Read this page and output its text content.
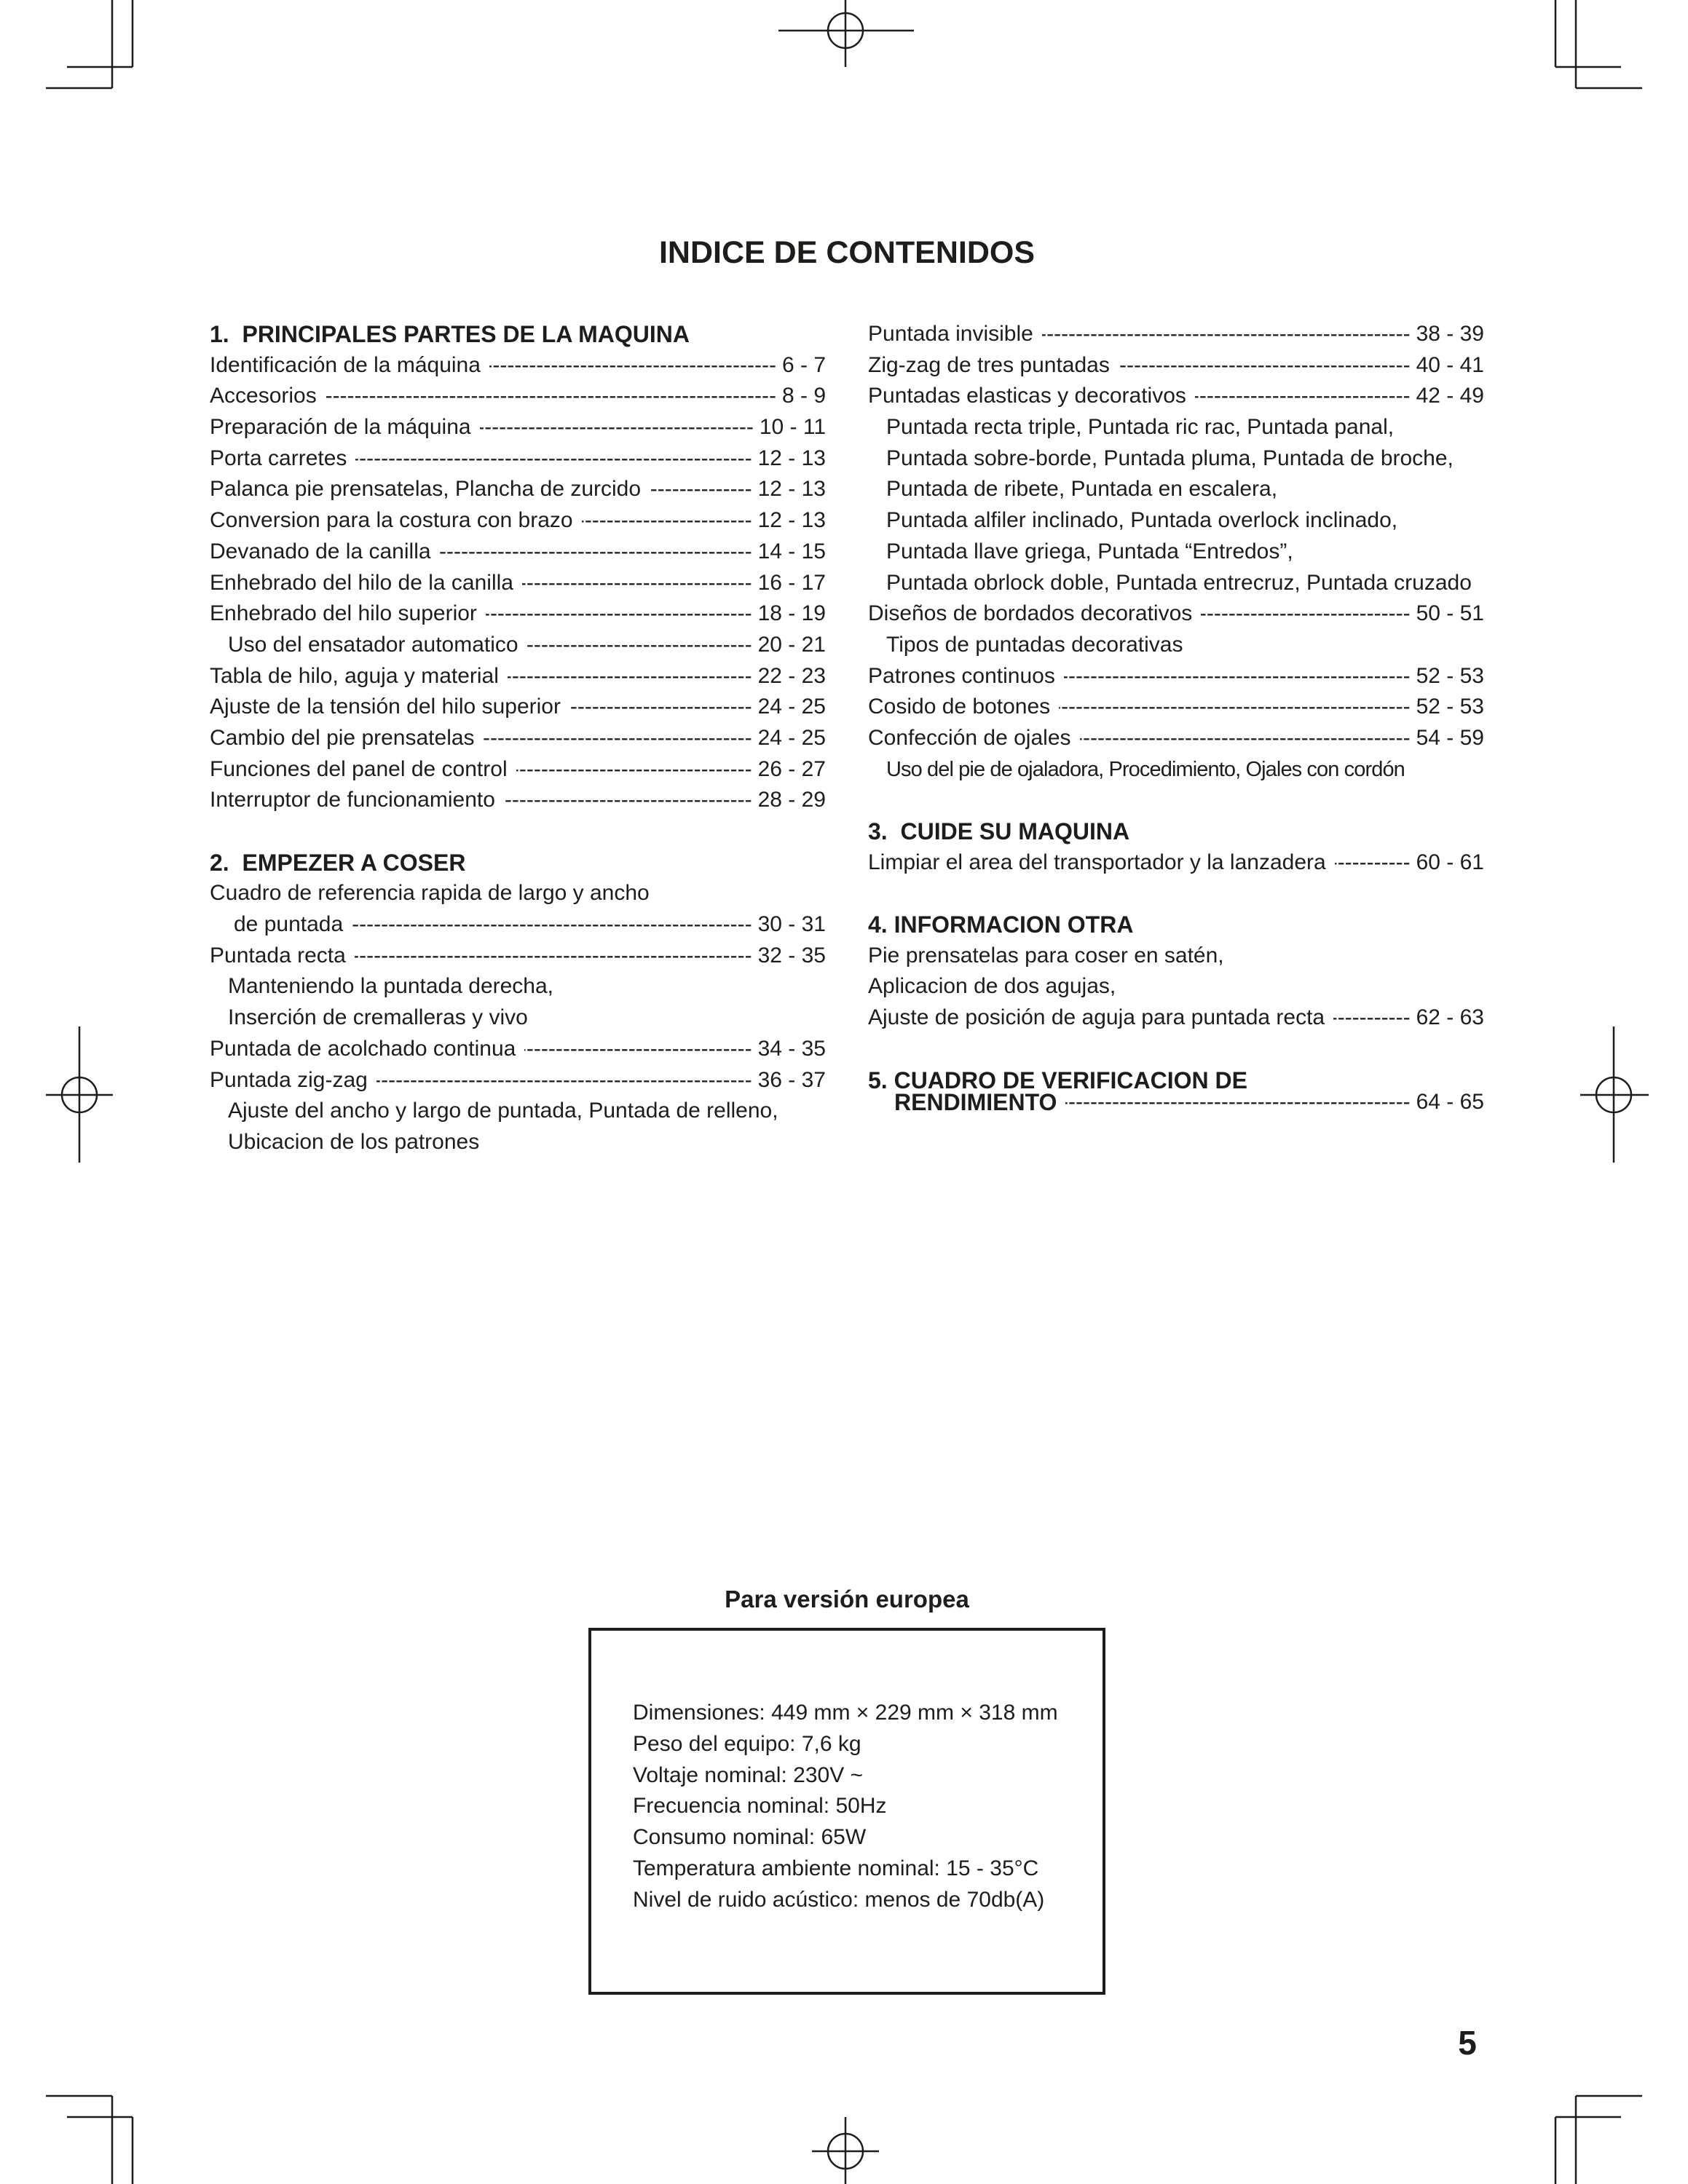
INDICE DE CONTENIDOS
1.  PRINCIPALES PARTES DE LA MAQUINA
Identificación de la máquina -----	6 - 7
Accesorios -----	8 - 9
Preparación de la máquina -----	10 - 11
Porta carretes -----	12 - 13
Palanca pie prensatelas, Plancha de zurcido -----	12 - 13
Conversion para la costura con brazo -----	12 - 13
Devanado de la canilla -----	14 - 15
Enhebrado del hilo de la canilla -----	16 - 17
Enhebrado del hilo superior -----	18 - 19
Uso del ensatador automatico -----	20 - 21
Tabla de hilo, aguja y material -----	22 - 23
Ajuste de la tensión del hilo superior -----	24 - 25
Cambio del pie prensatelas -----	24 - 25
Funciones del panel de control -----	26 - 27
Interruptor de funcionamiento -----	28 - 29
2.  EMPEZER A COSER
Cuadro de referencia rapida de largo y ancho
de puntada -----	30 - 31
Puntada recta -----	32 - 35
Manteniendo la puntada derecha,
Inserción de cremalleras y vivo
Puntada de acolchado continua -----	34 - 35
Puntada zig-zag -----	36 - 37
Ajuste del ancho y largo de puntada, Puntada de relleno,
Ubicacion de los patrones
Puntada invisible -----	38 - 39
Zig-zag de tres puntadas -----	40 - 41
Puntadas elasticas y decorativos -----	42 - 49
Puntada recta triple, Puntada ric rac, Puntada panal,
Puntada sobre-borde, Puntada pluma, Puntada de broche,
Puntada de ribete, Puntada en escalera,
Puntada alfiler inclinado, Puntada overlock inclinado,
Puntada llave griega, Puntada “Entredos”,
Puntada obrlock doble, Puntada entrecruz, Puntada cruzado
Diseños de bordados decorativos -----	50 - 51
Tipos de puntadas decorativas
Patrones continuos -----	52 - 53
Cosido de botones -----	52 - 53
Confección de ojales -----	54 - 59
Uso del pie de ojaladora, Procedimiento, Ojales con cordón
3.  CUIDE SU MAQUINA
Limpiar el area del transportador y la lanzadera -----	60 - 61
4. INFORMACION OTRA
Pie prensatelas para coser en satén,
Aplicacion de dos agujas,
Ajuste de posición de aguja para puntada recta -----	62 - 63
5. CUADRO DE VERIFICACION DE
RENDIMIENTO -----	64 - 65
Para versión europea
Dimensiones: 449 mm × 229 mm × 318 mm
Peso del equipo: 7,6 kg
Voltaje nominal: 230V ~
Frecuencia nominal: 50Hz
Consumo nominal: 65W
Temperatura ambiente nominal: 15 - 35°C
Nivel de ruido acústico: menos de 70db(A)
5
